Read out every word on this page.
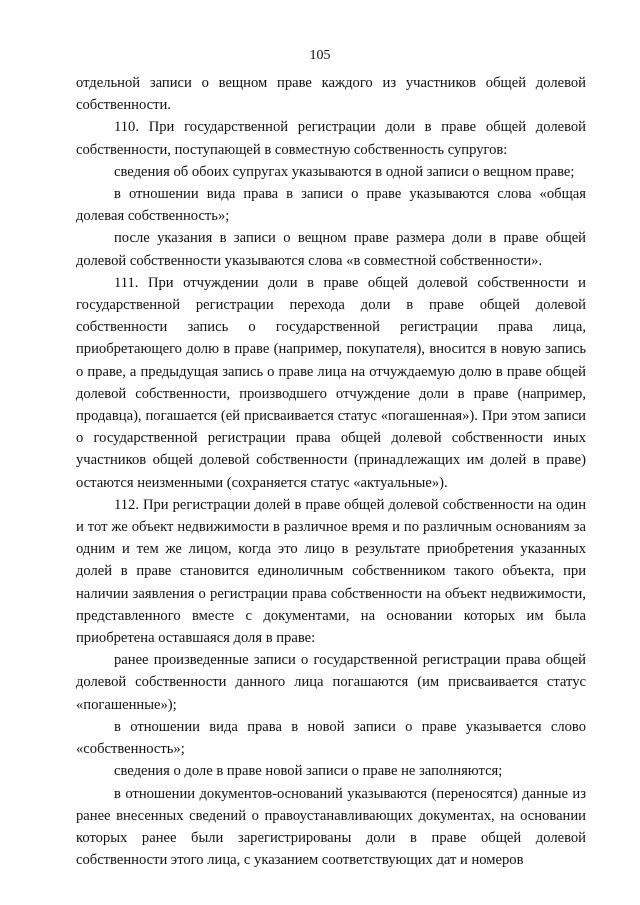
105

отдельной записи о вещном праве каждого из участников общей долевой собственности.

110. При государственной регистрации доли в праве общей долевой собственности, поступающей в совместную собственность супругов:

сведения об обоих супругах указываются в одной записи о вещном праве;

в отношении вида права в записи о праве указываются слова «общая долевая собственность»;

после указания в записи о вещном праве размера доли в праве общей долевой собственности указываются слова «в совместной собственности».

111. При отчуждении доли в праве общей долевой собственности и государственной регистрации перехода доли в праве общей долевой собственности запись о государственной регистрации права лица, приобретающего долю в праве (например, покупателя), вносится в новую запись о праве, а предыдущая запись о праве лица на отчуждаемую долю в праве общей долевой собственности, производшего отчуждение доли в праве (например, продавца), погашается (ей присваивается статус «погашенная»). При этом записи о государственной регистрации права общей долевой собственности иных участников общей долевой собственности (принадлежащих им долей в праве) остаются неизменными (сохраняется статус «актуальные»).

112. При регистрации долей в праве общей долевой собственности на один и тот же объект недвижимости в различное время и по различным основаниям за одним и тем же лицом, когда это лицо в результате приобретения указанных долей в праве становится единоличным собственником такого объекта, при наличии заявления о регистрации права собственности на объект недвижимости, представленного вместе с документами, на основании которых им была приобретена оставшаяся доля в праве:

ранее произведенные записи о государственной регистрации права общей долевой собственности данного лица погашаются (им присваивается статус «погашенные»);

в отношении вида права в новой записи о праве указывается слово «собственность»;

сведения о доле в праве новой записи о праве не заполняются;

в отношении документов-оснований указываются (переносятся) данные из ранее внесенных сведений о правоустанавливающих документах, на основании которых ранее были зарегистрированы доли в праве общей долевой собственности этого лица, с указанием соответствующих дат и номеров
